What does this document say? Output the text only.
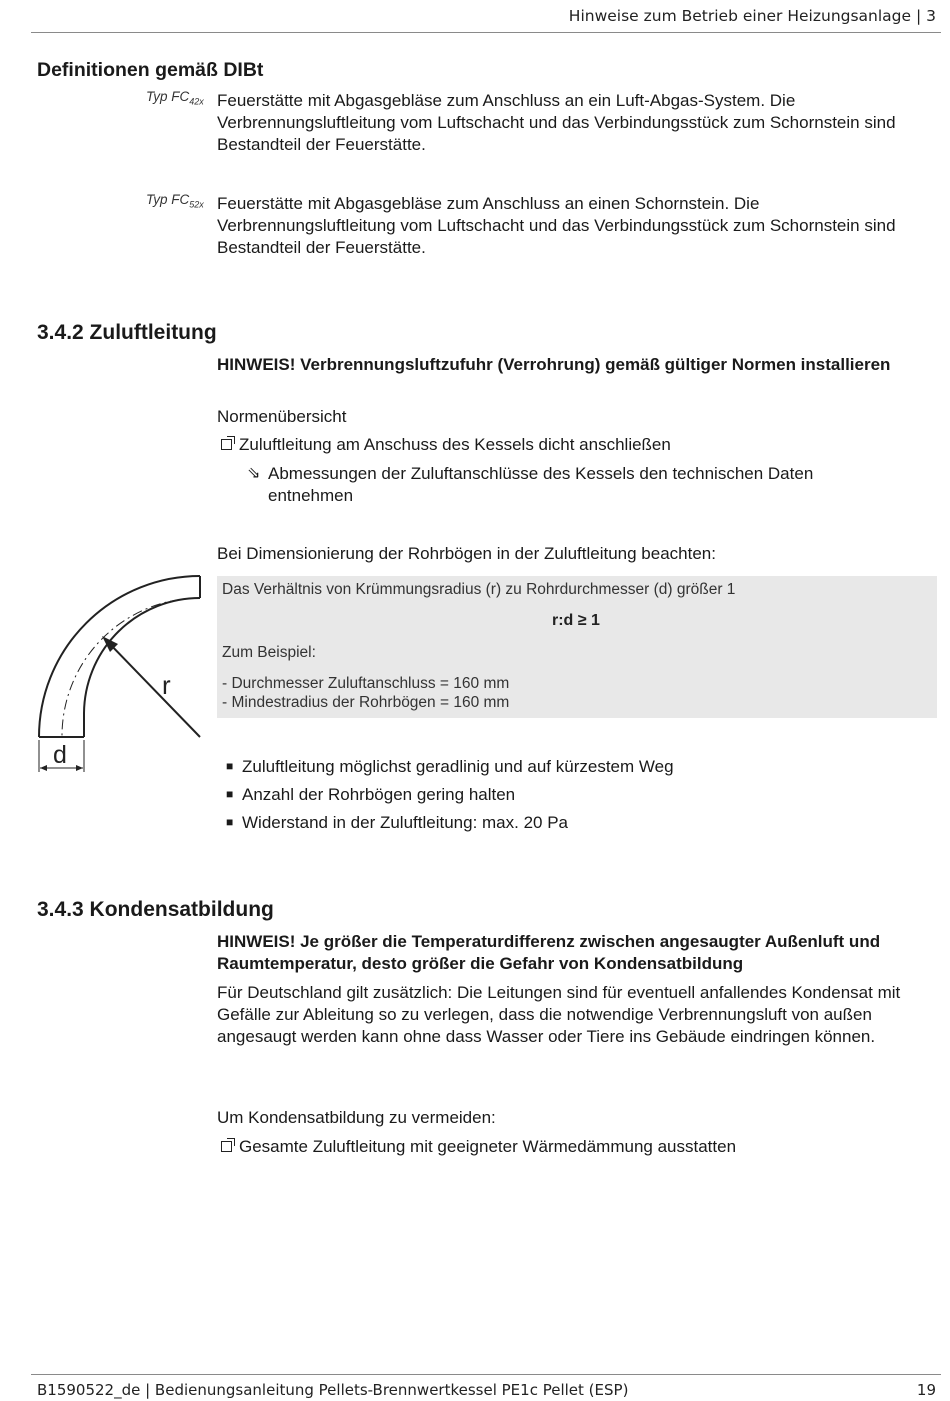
Hinweise zum Betrieb einer Heizungsanlage | 3
Definitionen gemäß DIBt
Typ $FC_{42x}$ Feuerstätte mit Abgasgebläse zum Anschluss an ein Luft-Abgas-System. Die Verbrennungsluftleitung vom Luftschacht und das Verbindungsstück zum Schornstein sind Bestandteil der Feuerstätte.
Typ $FC_{52x}$ Feuerstätte mit Abgasgebläse zum Anschluss an einen Schornstein. Die Verbrennungsluftleitung vom Luftschacht und das Verbindungsstück zum Schornstein sind Bestandteil der Feuerstätte.
3.4.2 Zuluftleitung
HINWEIS! Verbrennungsluftzufuhr (Verrohrung) gemäß gültiger Normen installieren
Normenübersicht
Zuluftleitung am Anschuss des Kessels dicht anschließen
⇘ Abmessungen der Zuluftanschlüsse des Kessels den technischen Daten entnehmen
Bei Dimensionierung der Rohrbögen in der Zuluftleitung beachten:
Das Verhältnis von Krümmungsradius (r) zu Rohrdurchmesser (d) größer 1
r:d ≥ 1
Zum Beispiel:
- Durchmesser Zuluftanschluss = 160 mm
- Mindestradius der Rohrbögen = 160 mm
r
d	■ Zuluftleitung möglichst geradlinig und auf kürzestem Weg
■ Anzahl der Rohrbögen gering halten
■ Widerstand in der Zuluftleitung: max. 20 Pa
3.4.3 Kondensatbildung
HINWEIS! Je größer die Temperaturdifferenz zwischen angesaugter Außenluft und Raumtemperatur, desto größer die Gefahr von Kondensatbildung
Für Deutschland gilt zusätzlich: Die Leitungen sind für eventuell anfallendes Kondensat mit Gefälle zur Ableitung so zu verlegen, dass die notwendige Verbrennungsluft von außen angesaugt werden kann ohne dass Wasser oder Tiere ins Gebäude eindringen können.
Um Kondensatbildung zu vermeiden:
Gesamte Zuluftleitung mit geeigneter Wärmedämmung ausstatten
B1590522_de | Bedienungsanleitung Pellets-Brennwertkessel PE1c Pellet (ESP)	19
